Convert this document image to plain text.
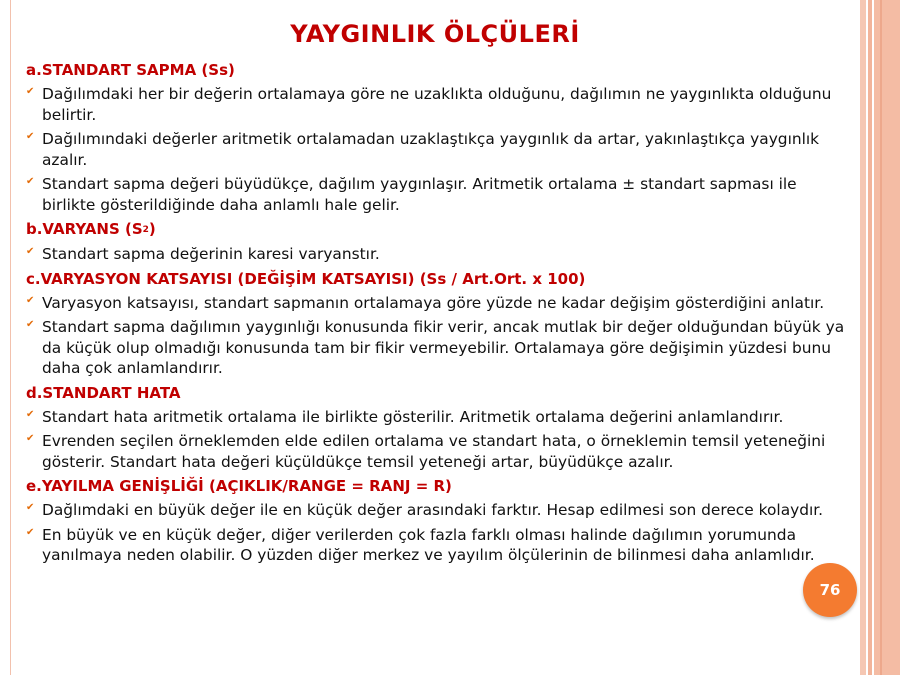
YAYGINLIK ÖLÇÜLERİ
a.STANDART SAPMA (Ss)
✔ Dağılımdaki her bir değerin ortalamaya göre ne uzaklıkta olduğunu, dağılımın ne yaygınlıkta olduğunu belirtir.
✔ Dağılımındaki değerler aritmetik ortalamadan uzaklaştıkça yaygınlık da artar, yakınlaştıkça yaygınlık azalır.
✔ Standart sapma değeri büyüdükçe, dağılım yaygınlaşır. Aritmetik ortalama ± standart sapması ile birlikte gösterildiğinde daha anlamlı hale gelir.
b.VARYANS $(S^2)$
✔ Standart sapma değerinin karesi varyanstır.
c.VARYASYON KATSAYISI (DEĞİŞİM KATSAYISI) (Ss / Art.Ort. x 100)
✔ Varyasyon katsayısı, standart sapmanın ortalamaya göre yüzde ne kadar değişim gösterdiğini anlatır.
✔ Standart sapma dağılımın yaygınlığı konusunda fikir verir, ancak mutlak bir değer olduğundan büyük ya da küçük olup olmadığı konusunda tam bir fikir vermeyebilir. Ortalamaya göre değişimin yüzdesi bunu daha çok anlamlandırır.
d.STANDART HATA
✔ Standart hata aritmetik ortalama ile birlikte gösterilir. Aritmetik ortalama değerini anlamlandırır.
✔ Evrenden seçilen örneklemden elde edilen ortalama ve standart hata, o örneklemin temsil yeteneğini gösterir. Standart hata değeri küçüldükçe temsil yeteneği artar, büyüdükçe azalır.
e.YAYILMA GENİŞLİĞİ (AÇIKLIK/RANGE = RANJ = R)
✔ Dağlımdaki en büyük değer ile en küçük değer arasındaki farktır. Hesap edilmesi son derece kolaydır.
✔ En büyük ve en küçük değer, diğer verilerden çok fazla farklı olması halinde dağılımın yorumunda yanılmaya neden olabilir. O yüzden diğer merkez ve yayılım ölçülerinin de bilinmesi daha anlamlıdır.
76
